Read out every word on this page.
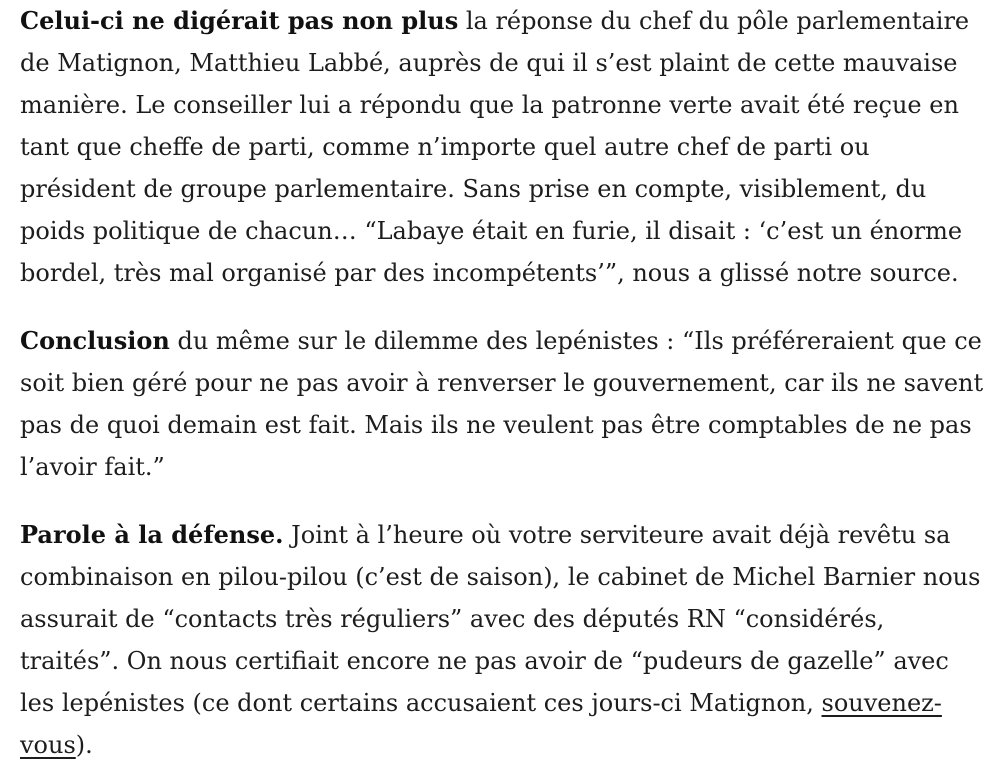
Celui-ci ne digérait pas non plus la réponse du chef du pôle parlementaire de Matignon, Matthieu Labbé, auprès de qui il s’est plaint de cette mauvaise manière. Le conseiller lui a répondu que la patronne verte avait été reçue en tant que cheffe de parti, comme n’importe quel autre chef de parti ou président de groupe parlementaire. Sans prise en compte, visiblement, du poids politique de chacun… “Labaye était en furie, il disait : ‘c’est un énorme bordel, très mal organisé par des incompétents’”, nous a glissé notre source.

Conclusion du même sur le dilemme des lepénistes : “Ils préféreraient que ce soit bien géré pour ne pas avoir à renverser le gouvernement, car ils ne savent pas de quoi demain est fait. Mais ils ne veulent pas être comptables de ne pas l’avoir fait.”

Parole à la défense. Joint à l’heure où votre serviteure avait déjà revêtu sa combinaison en pilou-pilou (c’est de saison), le cabinet de Michel Barnier nous assurait de “contacts très réguliers” avec des députés RN “considérés, traités”. On nous certifiait encore ne pas avoir de “pudeurs de gazelle” avec les lepénistes (ce dont certains accusaient ces jours-ci Matignon, souvenez-vous).
